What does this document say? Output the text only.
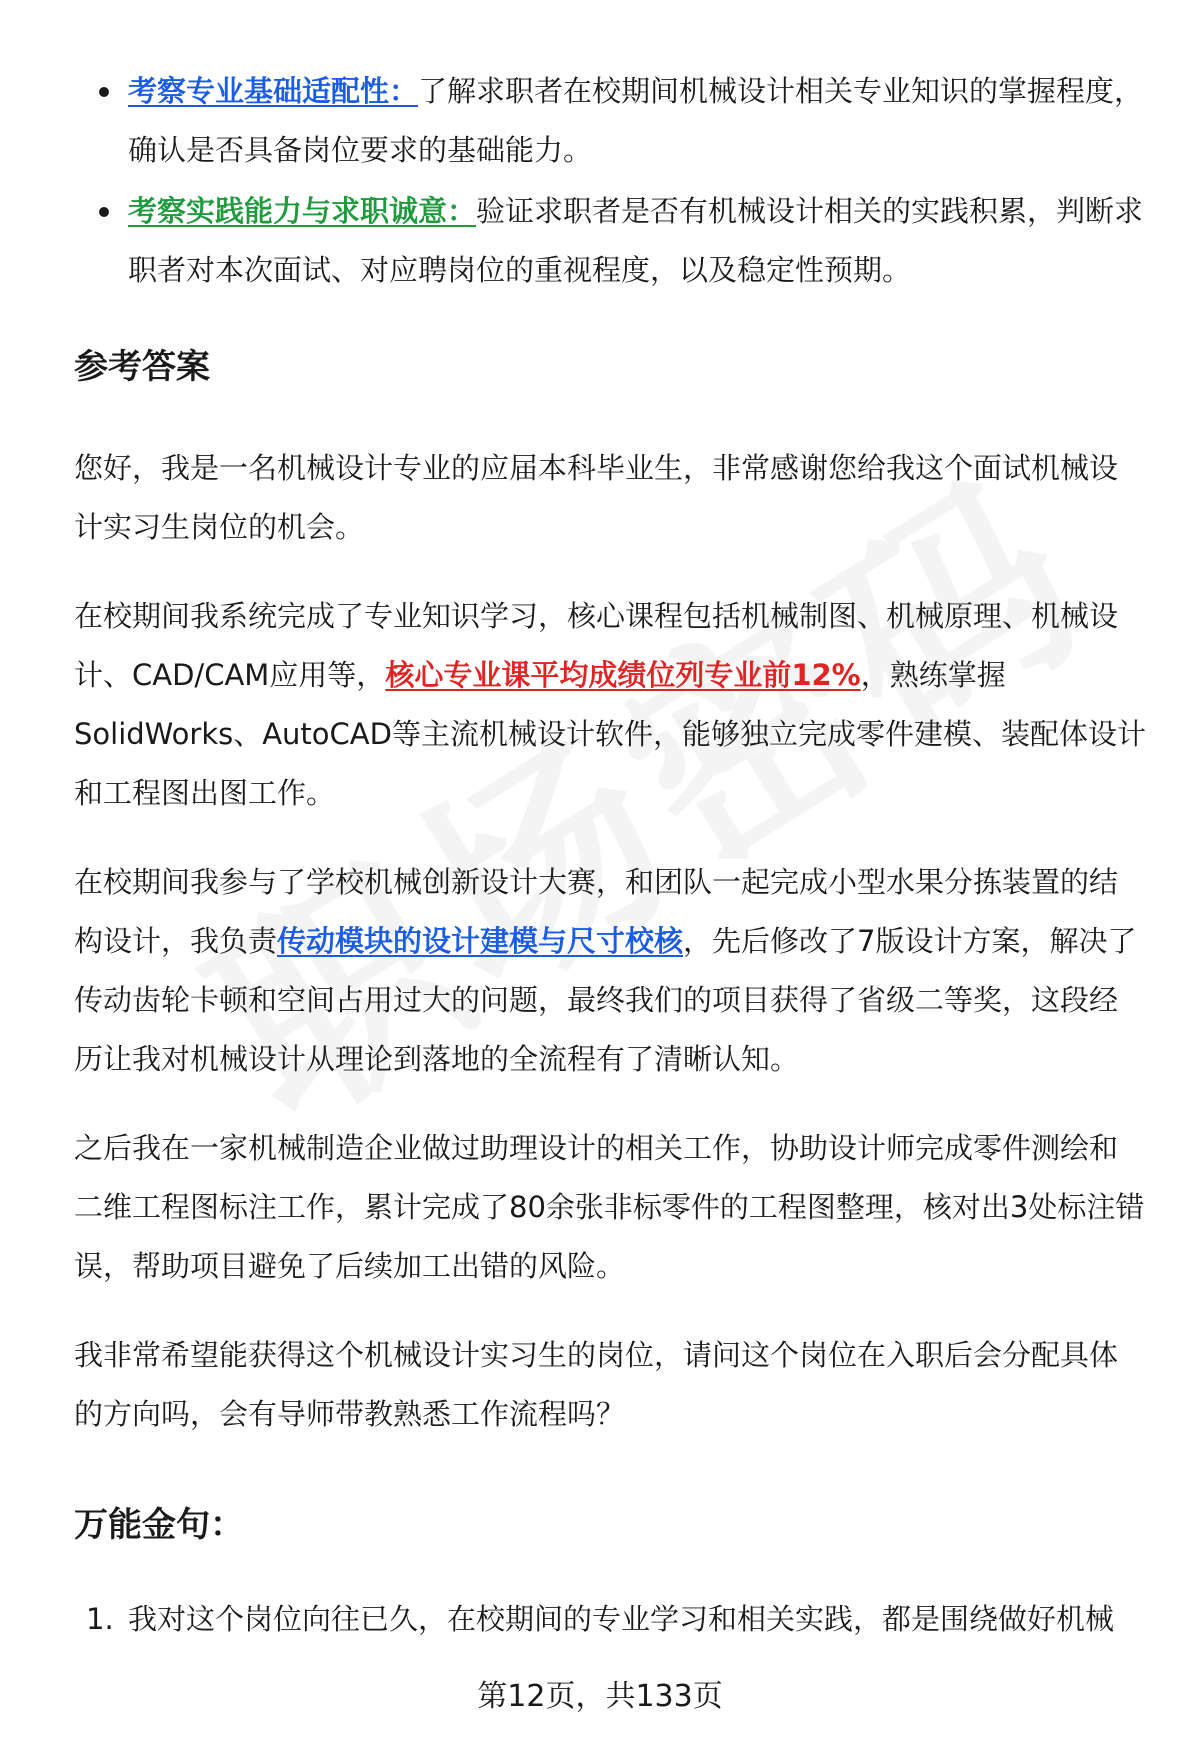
考察专业基础适配性：了解求职者在校期间机械设计相关专业知识的掌握程度，确认是否具备岗位要求的基础能力。
考察实践能力与求职诚意：验证求职者是否有机械设计相关的实践积累，判断求职者对本次面试、对应聘岗位的重视程度，以及稳定性预期。
参考答案

您好，我是一名机械设计专业的应届本科毕业生，非常感谢您给我这个面试机械设计实习生岗位的机会。

在校期间我系统完成了专业知识学习，核心课程包括机械制图、机械原理、机械设计、CAD/CAM应用等，核心专业课平均成绩位列专业前12%，熟练掌握SolidWorks、AutoCAD等主流机械设计软件，能够独立完成零件建模、装配体设计和工程图出图工作。

在校期间我参与了学校机械创新设计大赛，和团队一起完成小型水果分拣装置的结构设计，我负责传动模块的设计建模与尺寸校核，先后修改了7版设计方案，解决了传动齿轮卡顿和空间占用过大的问题，最终我们的项目获得了省级二等奖，这段经历让我对机械设计从理论到落地的全流程有了清晰认知。

之后我在一家机械制造企业做过助理设计的相关工作，协助设计师完成零件测绘和二维工程图标注工作，累计完成了80余张非标零件的工程图整理，核对出3处标注错误，帮助项目避免了后续加工出错的风险。

我非常希望能获得这个机械设计实习生的岗位，请问这个岗位在入职后会分配具体的方向吗，会有导师带教熟悉工作流程吗？

万能金句：
1. 我对这个岗位向往已久，在校期间的专业学习和相关实践，都是围绕做好机械
第12页，共133页
